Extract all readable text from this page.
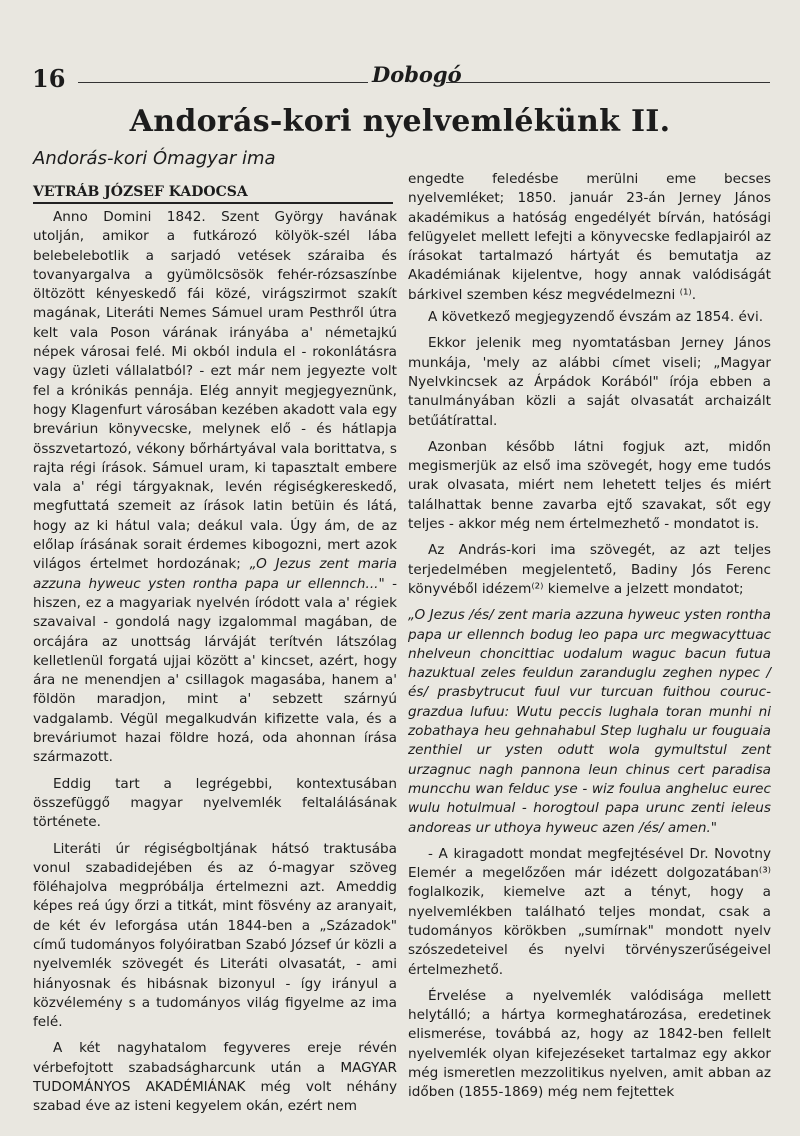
16	Dobogó
Andorás-kori nyelvemlékünk II.
Andorás-kori Ómagyar ima
VETRÁB JÓZSEF KADOCSA

Anno Domini 1842. Szent György havának utolján, amikor a futkározó kölyök-szél lába belebelebotlik a sarjadó vetések száraiba és tovanyargalva a gyümölcsösök fehér-rózsaszínbe öltözött kényeskedő fái közé, virágszirmot szakít magának, Literáti Nemes Sámuel uram Pesthről útra kelt vala Poson várának irányába a' németajkú népek városai felé. Mi okból indula el - rokonlátásra vagy üzleti vállalatból? - ezt már nem jegyezte volt fel a krónikás pennája. Elég annyit megjegyeznünk, hogy Klagenfurt városában kezében akadott vala egy breváriun könyvecske, melynek elő - és hátlapja összvetartozó, vékony bőrhártyával vala borittatva, s rajta régi írások. Sámuel uram, ki tapasztalt embere vala a' régi tárgyaknak, levén régiségkereskedő, megfuttatá szemeit az írások latin betüin és látá, hogy az ki hátul vala; deákul vala. Úgy ám, de az előlap írásának sorait érdemes kibogozni, mert azok világos értelmet hordozának; „O Jezus zent maria azzuna hyweuc ysten rontha papa ur ellennch..." - hiszen, ez a magyariak nyelvén íródott vala a' régiek szavaival - gondolá nagy izgalommal magában, de orcájára az unottság lárváját terítvén látszólag kelletlenül forgatá ujjai között a' kincset, azért, hogy ára ne menendjen a' csillagok magasába, hanem a' földön maradjon, mint a' sebzett szárnyú vadgalamb. Végül megalkudván kifizette vala, és a breváriumot hazai földre hozá, oda ahonnan írása származott.

Eddig tart a legrégebbi, kontextusában összefüggő magyar nyelvemlék feltalálásának története.

Literáti úr régiségboltjának hátsó traktusába vonul szabadidejében és az ó-magyar szöveg föléhajolva megpróbálja értelmezni azt. Ameddig képes reá úgy őrzi a titkát, mint fösvény az aranyait, de két év leforgása után 1844-ben a „Századok" című tudományos folyóiratban Szabó József úr közli a nyelvemlék szövegét és Literáti olvasatát, - ami hiányosnak és hibásnak bizonyul - így irányul a közvélemény s a tudományos világ figyelme az ima felé.

A két nagyhatalom fegyveres ereje révén vérbefojtott szabadságharcunk után a MAGYAR TUDOMÁNYOS AKADÉMIÁNAK még volt néhány szabad éve az isteni kegyelem okán, ezért nem

engedte feledésbe merülni eme becses nyelvemléket; 1850. január 23-án Jerney János akadémikus a hatóság engedélyét bírván, hatósági felügyelet mellett lefejti a könyvecske fedlapjairól az írásokat tartalmazó hártyát és bemutatja az Akadémiának kijelentve, hogy annak valódiságát bárkivel szemben kész megvédelmezni ⁽¹⁾.

A következő megjegyzendő évszám az 1854. évi.

Ekkor jelenik meg nyomtatásban Jerney János munkája, 'mely az alábbi címet viseli; „Magyar Nyelvkincsek az Árpádok Korából" írója ebben a tanulmányában közli a saját olvasatát archaizált betűátírattal.

Azonban később látni fogjuk azt, midőn megismerjük az első ima szövegét, hogy eme tudós urak olvasata, miért nem lehetett teljes és miért találhattak benne zavarba ejtő szavakat, sőt egy teljes - akkor még nem értelmezhető - mondatot is.

Az András-kori ima szövegét, az azt teljes terjedelmében megjelentető, Badiny Jós Ferenc könyvéből idézem⁽²⁾ kiemelve a jelzett mondatot;

„O Jezus /és/ zent maria azzuna hyweuc ysten rontha papa ur ellennch bodug leo papa urc megwacyttuac nhelveun choncittiac uodalum waguc bacun futua hazuktual zeles feuldun zaranduglu zeghen nypec /és/ prasbytrucut fuul vur turcuan fuithou couruc-grazdua lufuu: Wutu peccis lughala toran munhi ni zobathaya heu gehnahabul Step lughalu ur fouguaia zenthiel ur ysten odutt wola gymultstul zent urzagnuc nagh pannona leun chinus cert paradisa muncchu wan felduc yse - wiz foulua angheluc eurec wulu hotulmual - horogtoul papa urunc zenti ieleus andoreas ur uthoya hyweuc azen /és/ amen."

- A kiragadott mondat megfejtésével Dr. Novotny Elemér a megelőzően már idézett dolgozatában⁽³⁾ foglalkozik, kiemelve azt a tényt, hogy a nyelvemlékben található teljes mondat, csak a tudományos körökben „sumírnak" mondott nyelv szószedeteivel és nyelvi törvényszerűségeivel értelmezhető.

Érvelése a nyelvemlék valódisága mellett helytálló; a hártya kormeghatározása, eredetinek elismerése, továbbá az, hogy az 1842-ben fellelt nyelvemlék olyan kifejezéseket tartalmaz egy akkor még ismeretlen mezzolitikus nyelven, amit abban az időben (1855-1869) még nem fejtettek
